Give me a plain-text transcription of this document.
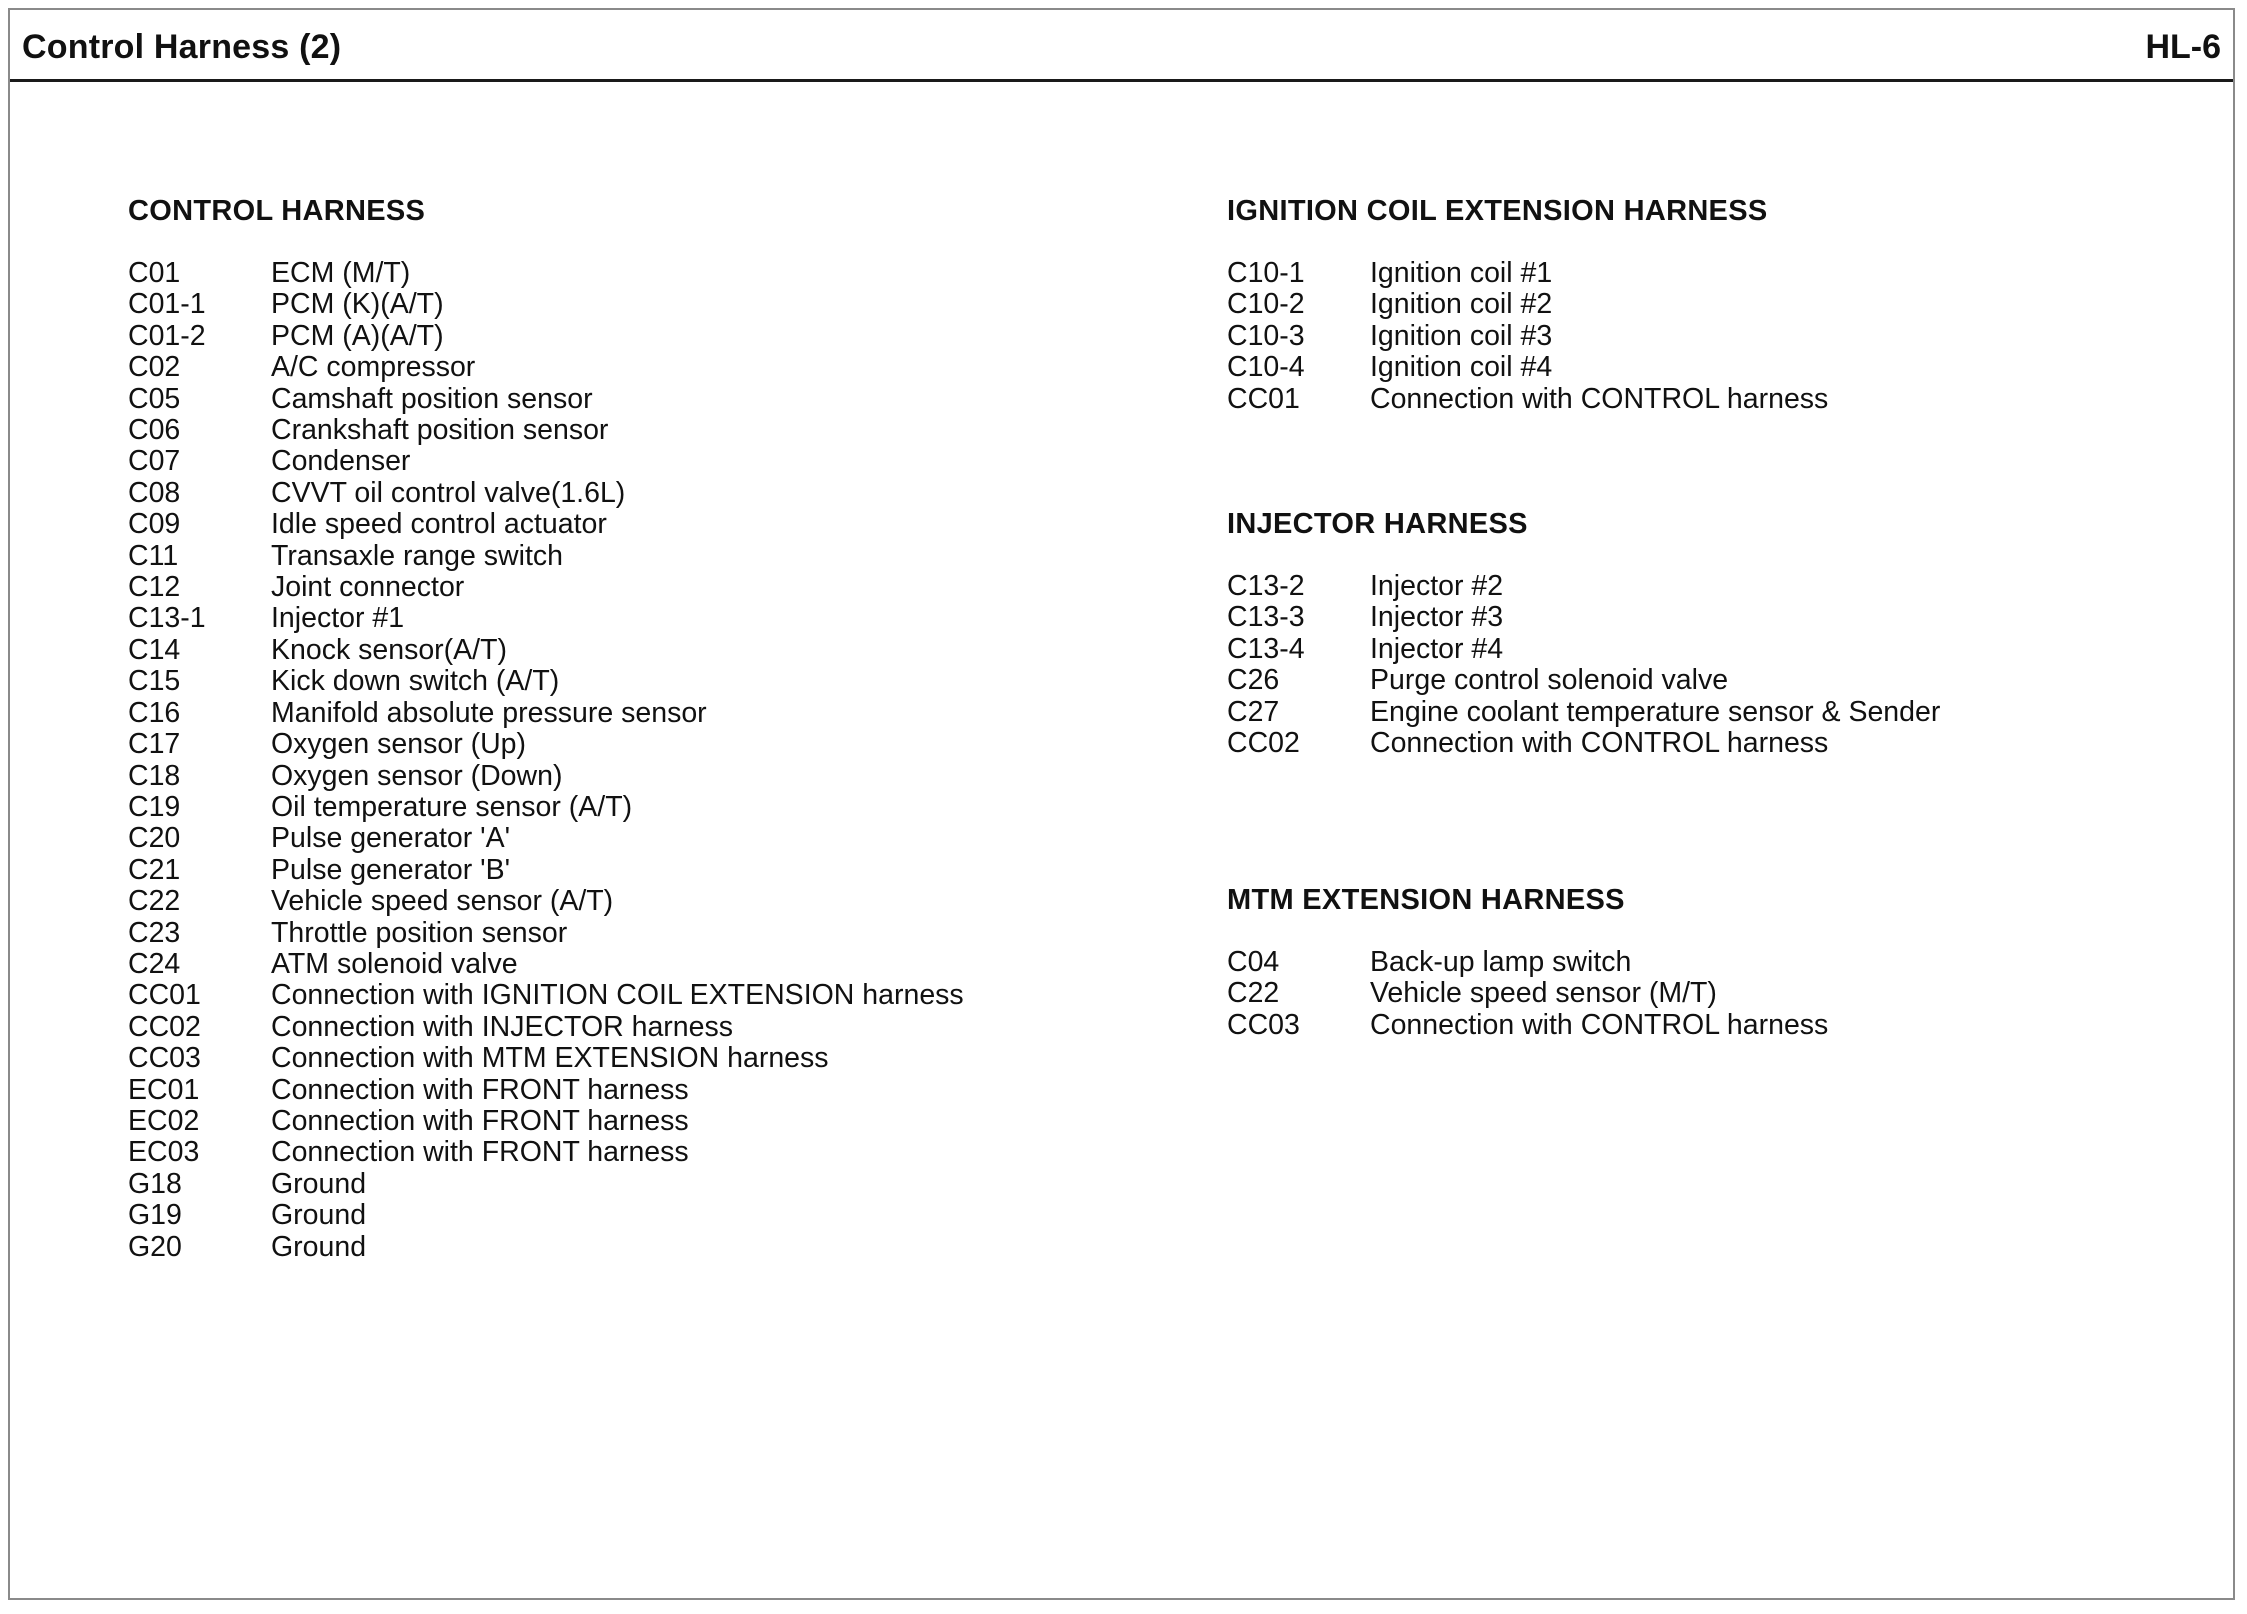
Control Harness (2)	HL-6
CONTROL HARNESS
C01	ECM (M/T)
C01-1	PCM (K)(A/T)
C01-2	PCM (A)(A/T)
C02	A/C compressor
C05	Camshaft position sensor
C06	Crankshaft position sensor
C07	Condenser
C08	CVVT oil control valve(1.6L)
C09	Idle speed control actuator
C11	Transaxle range switch
C12	Joint connector
C13-1	Injector #1
C14	Knock sensor(A/T)
C15	Kick down switch (A/T)
C16	Manifold absolute pressure sensor
C17	Oxygen sensor (Up)
C18	Oxygen sensor (Down)
C19	Oil temperature sensor (A/T)
C20	Pulse generator 'A'
C21	Pulse generator 'B'
C22	Vehicle speed sensor (A/T)
C23	Throttle position sensor
C24	ATM solenoid valve
CC01	Connection with IGNITION COIL EXTENSION harness
CC02	Connection with INJECTOR harness
CC03	Connection with MTM EXTENSION harness
EC01	Connection with FRONT harness
EC02	Connection with FRONT harness
EC03	Connection with FRONT harness
G18	Ground
G19	Ground
G20	Ground
IGNITION COIL EXTENSION HARNESS
C10-1	Ignition coil #1
C10-2	Ignition coil #2
C10-3	Ignition coil #3
C10-4	Ignition coil #4
CC01	Connection with CONTROL harness
INJECTOR HARNESS
C13-2	Injector #2
C13-3	Injector #3
C13-4	Injector #4
C26	Purge control solenoid valve
C27	Engine coolant temperature sensor & Sender
CC02	Connection with CONTROL harness
MTM EXTENSION HARNESS
C04	Back-up lamp switch
C22	Vehicle speed sensor (M/T)
CC03	Connection with CONTROL harness
